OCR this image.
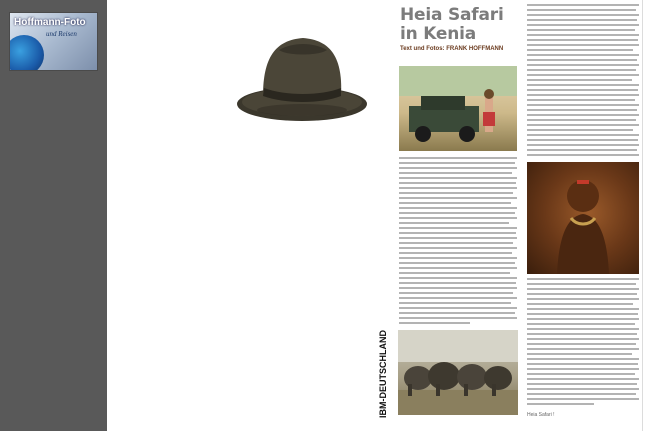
Hoffmann-Foto
und Reisen
Heia Safari
in Kenia
Text und Fotos: FRANK HOFFMANN
IBM-DEUTSCHLAND	Heia Safari !
